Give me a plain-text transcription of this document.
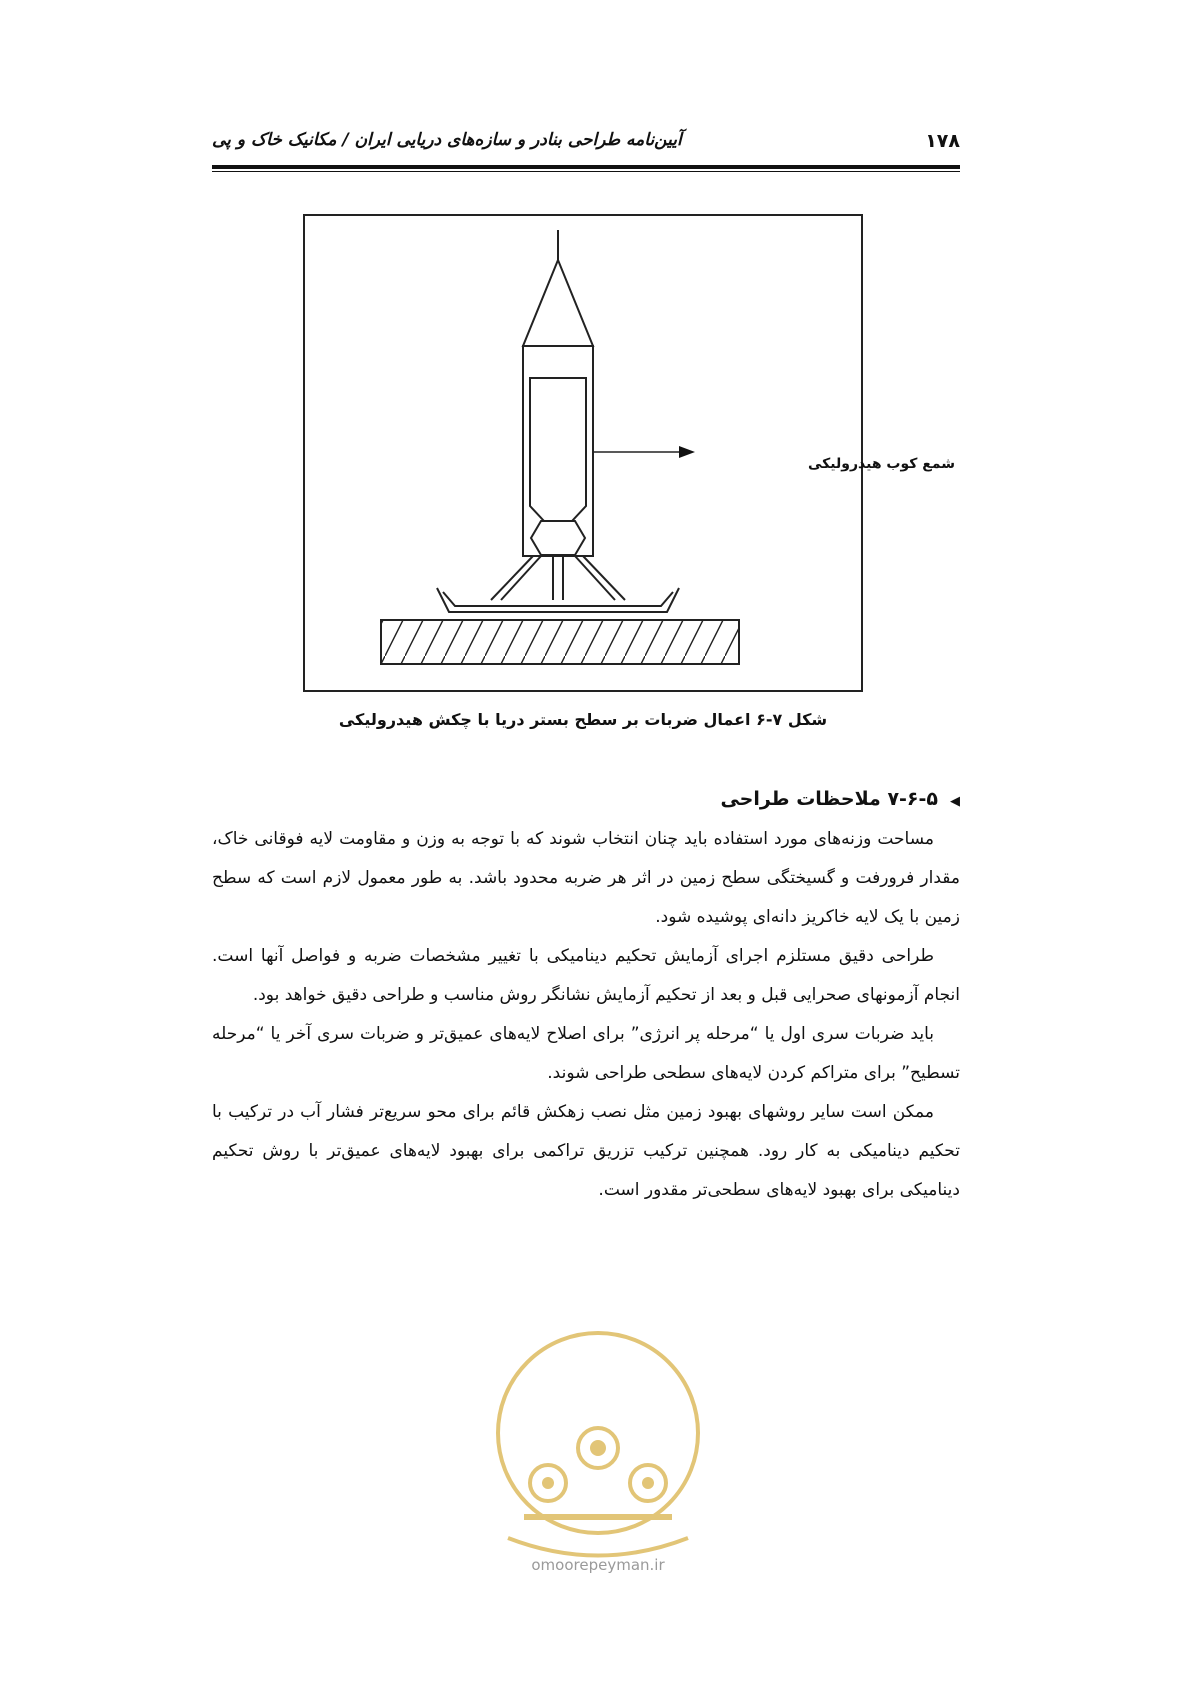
۱۷۸
آیین‌نامه طراحی بنادر و سازه‌های دریایی ایران / مکانیک خاک و پی
شمع کوب هیدرولیکی
شکل ۷-۶ اعمال ضربات بر سطح بستر دریا با چکش هیدرولیکی
◀۷-۶-۵ ملاحظات طراحی

مساحت وزنه‌های مورد استفاده باید چنان انتخاب شوند که با توجه به وزن و مقاومت لایه فوقانی خاک، مقدار فرورفت و گسیختگی سطح زمین در اثر هر ضربه محدود باشد. به طور معمول لازم است که سطح زمین با یک لایه خاکریز دانه‌ای پوشیده شود.

طراحی دقیق مستلزم اجرای آزمایش تحکیم دینامیکی با تغییر مشخصات ضربه و فواصل آنها است. انجام آزمونهای صحرایی قبل و بعد از تحکیم آزمایش نشانگر روش مناسب و طراحی دقیق خواهد بود.

باید ضربات سری اول یا “مرحله پر انرژی” برای اصلاح لایه‌های عمیق‌تر و ضربات سری آخر یا “مرحله تسطیح” برای متراکم کردن لایه‌های سطحی طراحی شوند.

ممکن است سایر روشهای بهبود زمین مثل نصب زهکش قائم برای محو سریع‌تر فشار آب در ترکیب با تحکیم دینامیکی به کار رود. همچنین ترکیب تزریق تراکمی برای بهبود لایه‌های عمیق‌تر با روش تحکیم دینامیکی برای بهبود لایه‌های سطحی‌تر مقدور است.

omoorepeyman.ir
